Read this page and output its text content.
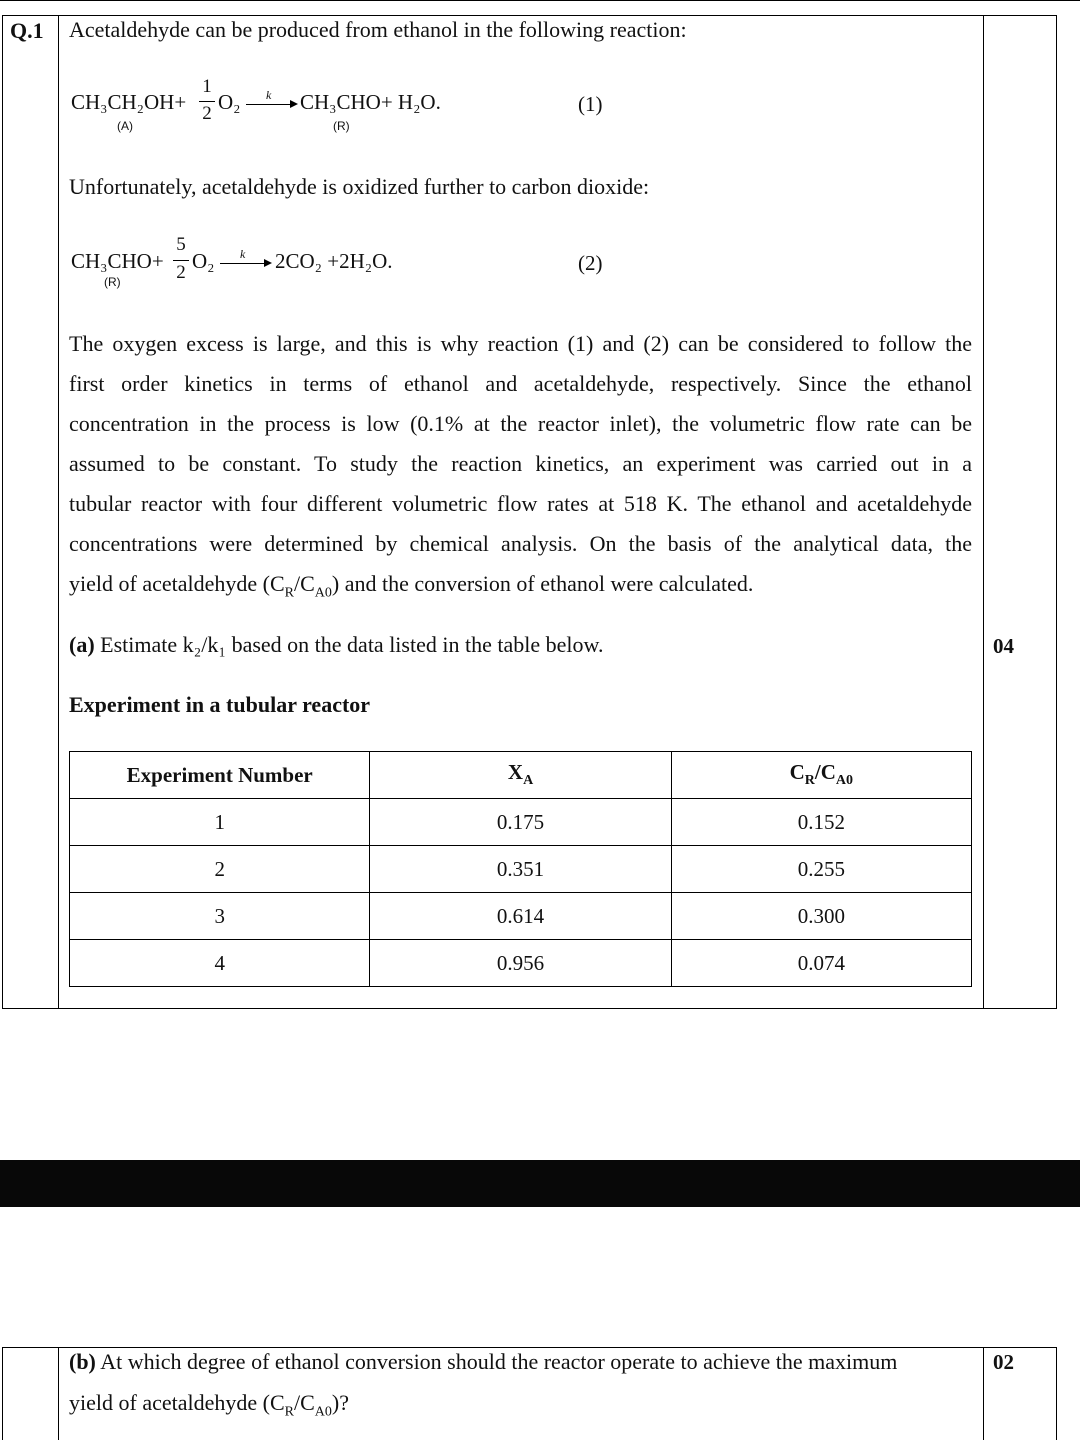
Q.1 Acetaldehyde can be produced from ethanol in the following reaction:
CH₃CH₂OH+
1
2 O₂ k → CH₃CHO+ H₂O.
(A)	(R)
(1)
Unfortunately, acetaldehyde is oxidized further to carbon dioxide:
CH₃CHO+
5
2 O₂ k → 2CO₂ +2H₂O.
(R)
(2)
The oxygen excess is large, and this is why reaction (1) and (2) can be considered to follow the
first order kinetics in terms of ethanol and acetaldehyde, respectively. Since the ethanol
concentration in the process is low (0.1% at the reactor inlet), the volumetric flow rate can be
assumed to be constant. To study the reaction kinetics, an experiment was carried out in a
tubular reactor with four different volumetric flow rates at 518 K. The ethanol and acetaldehyde
concentrations were determined by chemical analysis. On the basis of the analytical data, the
yield of acetaldehyde $(C_R/C_{A0})$ and the conversion of ethanol were calculated.
(a) Estimate k₂/k₁ based on the data listed in the table below.	04
Experiment in a tubular reactor
Experiment Number	$X_A$	$C_R/C_{A0}$
1	0.175	0.152
2	0.351	0.255
3	0.614	0.300
4	0.956	0.074
(b) At which degree of ethanol conversion should the reactor operate to achieve the maximum
yield of acetaldehyde $(C_R/C_{A0})$?
02
